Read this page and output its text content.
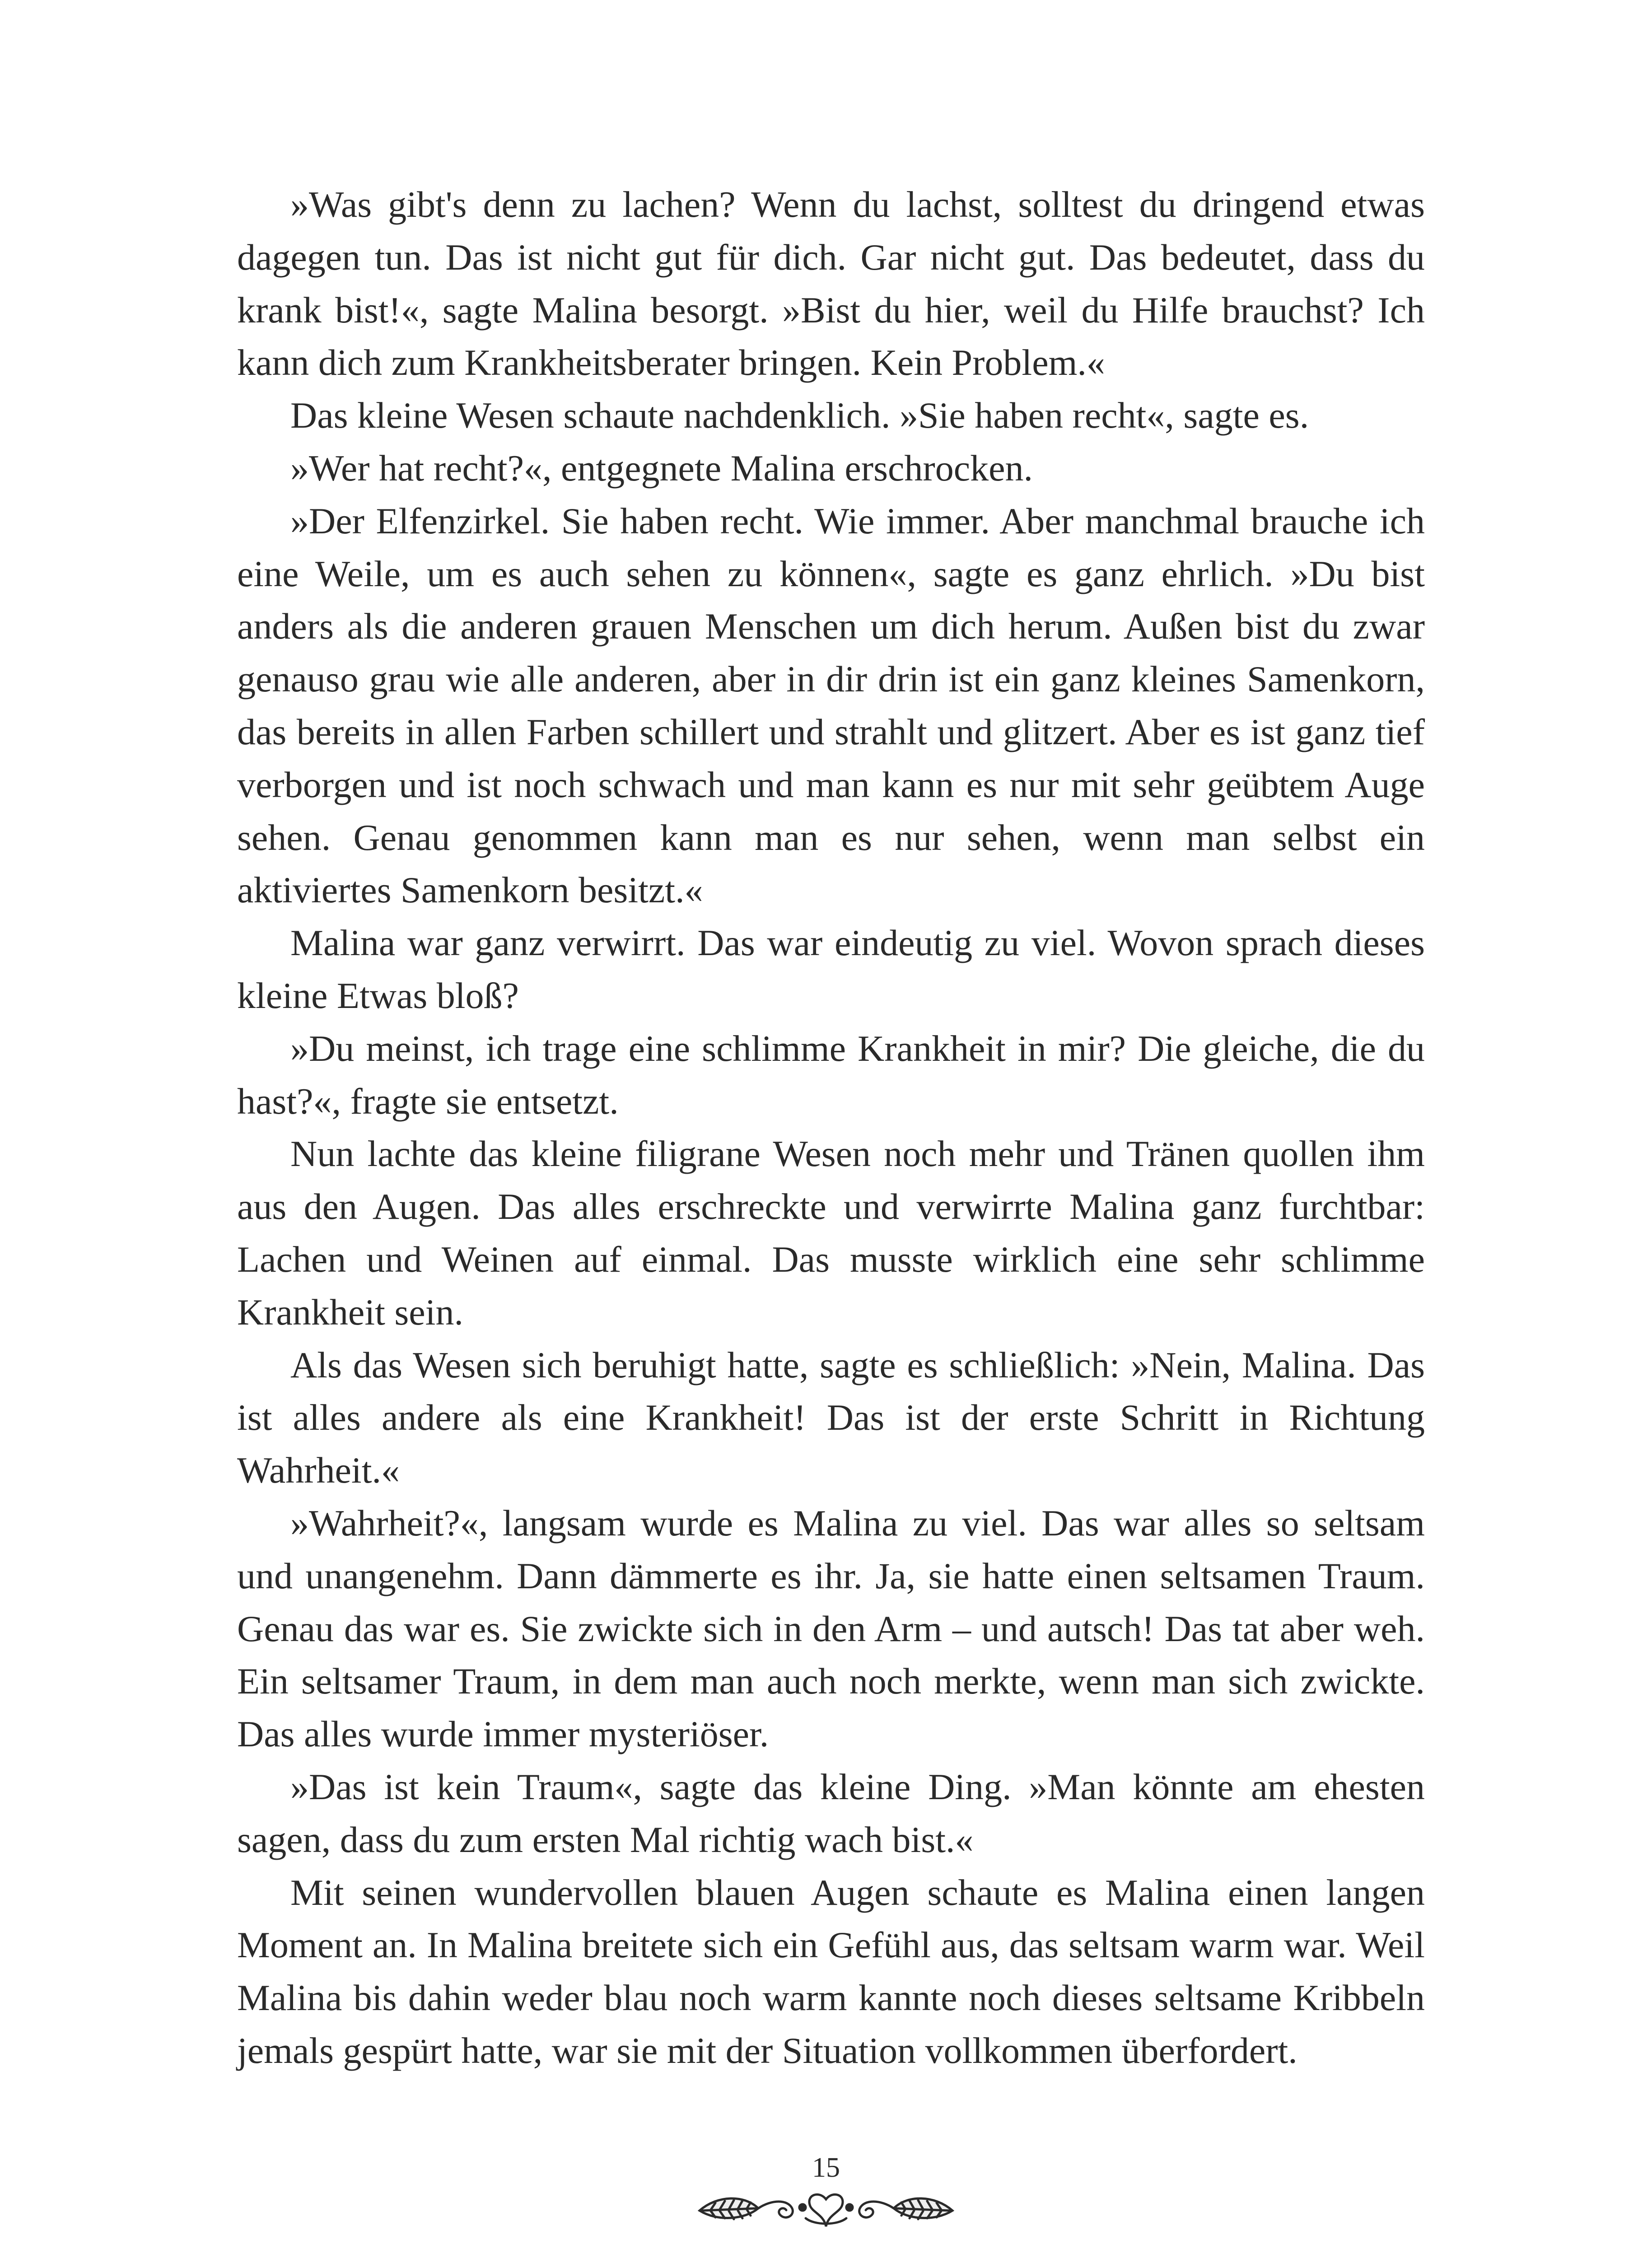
»Was gibt's denn zu lachen? Wenn du lachst, solltest du dringend etwas dagegen tun. Das ist nicht gut für dich. Gar nicht gut. Das bedeutet, dass du krank bist!«, sagte Malina besorgt. »Bist du hier, weil du Hilfe brauchst? Ich kann dich zum Krankheitsberater bringen. Kein Problem.«

Das kleine Wesen schaute nachdenklich. »Sie haben recht«, sagte es.

»Wer hat recht?«, entgegnete Malina erschrocken.

»Der Elfenzirkel. Sie haben recht. Wie immer. Aber manchmal brauche ich eine Weile, um es auch sehen zu können«, sagte es ganz ehrlich. »Du bist anders als die anderen grauen Menschen um dich herum. Außen bist du zwar genauso grau wie alle anderen, aber in dir drin ist ein ganz kleines Samenkorn, das bereits in allen Farben schillert und strahlt und glitzert. Aber es ist ganz tief verborgen und ist noch schwach und man kann es nur mit sehr geübtem Auge sehen. Genau genommen kann man es nur sehen, wenn man selbst ein aktiviertes Samenkorn besitzt.«

Malina war ganz verwirrt. Das war eindeutig zu viel. Wovon sprach dieses kleine Etwas bloß?

»Du meinst, ich trage eine schlimme Krankheit in mir? Die gleiche, die du hast?«, fragte sie entsetzt.

Nun lachte das kleine filigrane Wesen noch mehr und Tränen quollen ihm aus den Augen. Das alles erschreckte und verwirrte Malina ganz furchtbar: Lachen und Weinen auf einmal. Das musste wirklich eine sehr schlimme Krankheit sein.

Als das Wesen sich beruhigt hatte, sagte es schließlich: »Nein, Malina. Das ist alles andere als eine Krankheit! Das ist der erste Schritt in Richtung Wahrheit.«

»Wahrheit?«, langsam wurde es Malina zu viel. Das war alles so seltsam und unangenehm. Dann dämmerte es ihr. Ja, sie hatte einen seltsamen Traum. Genau das war es. Sie zwickte sich in den Arm – und autsch! Das tat aber weh. Ein seltsamer Traum, in dem man auch noch merkte, wenn man sich zwickte. Das alles wurde immer mysteriöser.

»Das ist kein Traum«, sagte das kleine Ding. »Man könnte am ehesten sagen, dass du zum ersten Mal richtig wach bist.«

Mit seinen wundervollen blauen Augen schaute es Malina einen langen Moment an. In Malina breitete sich ein Gefühl aus, das seltsam warm war. Weil Malina bis dahin weder blau noch warm kannte noch dieses seltsame Kribbeln jemals gespürt hatte, war sie mit der Situation vollkommen überfordert.

15
